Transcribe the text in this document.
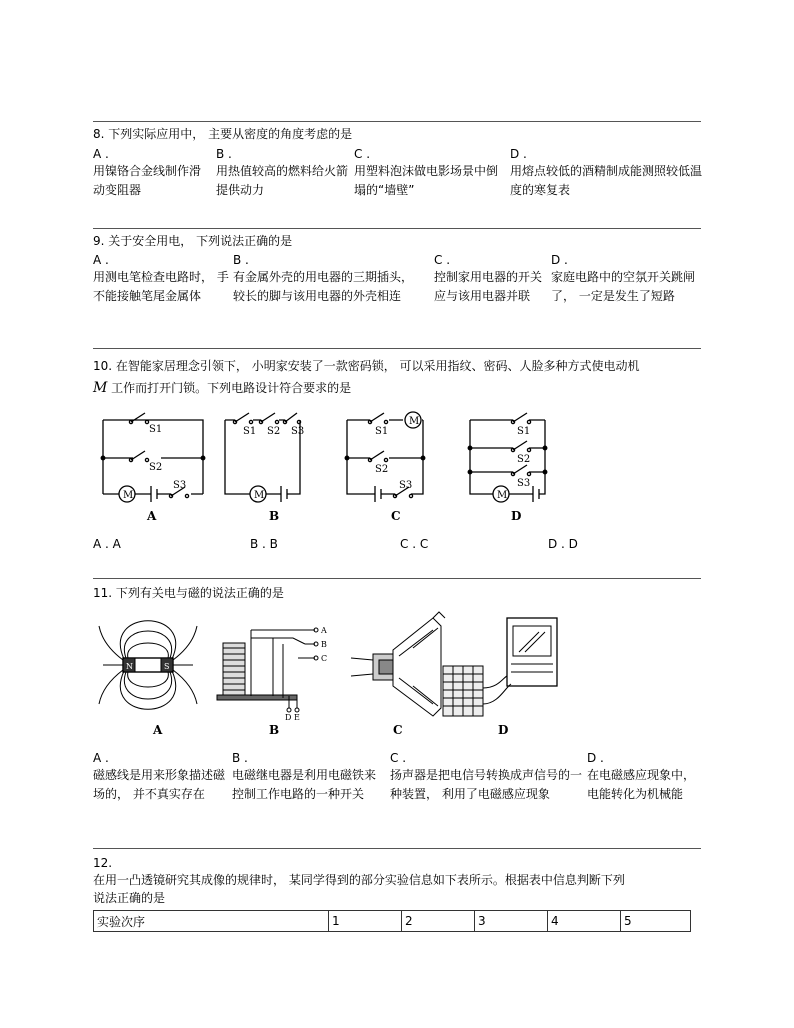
8. 下列实际应用中， 主要从密度的角度考虑的是
A .
用镍铬合金线制作滑动变阻器
B .
用热值较高的燃料给火箭提供动力
C .
用塑料泡沫做电影场景中倒塌的“墙壁”
D .
用熔点较低的酒精制成能测照较低温度的寒复表
9. 关于安全用电， 下列说法正确的是
A .
用测电笔检查电路时， 手不能接触笔尾金属体
B .
有金属外壳的用电器的三期插头， 较长的脚与该用电器的外壳相连
C .
控制家用电器的开关应与该用电器并联
D .
家庭电路中的空氛开关跳闸了， 一定是发生了短路
10. 在智能家居理念引领下， 小明家安装了一款密码锁， 可以采用指纹、密码、人脸多种方式使电动机
M 工作而打开门锁。下列电路设计符合要求的是
M	M
M
M
S1
S2
S3
S1 S2 S3	S1
S2
S3
S1
S2
S3
A	B	C	D
A . A	B . B	C . C	D . D
11. 下列有关电与磁的说法正确的是
N	S
A
B
C
D E
A	B	C	D
A .
磁感线是用来形象描述磁场的， 并不真实存在
B .
电磁继电器是利用电磁铁来控制工作电路的一种开关
C .
扬声器是把电信号转换成声信号的一种装置， 利用了电磁感应现象
D .
在电磁感应现象中， 电能转化为机械能
12.
在用一凸透镜研究其成像的规律时， 某同学得到的部分实验信息如下表所示。根据表中信息判断下列
说法正确的是
实验次序	1	2	3	4	5
